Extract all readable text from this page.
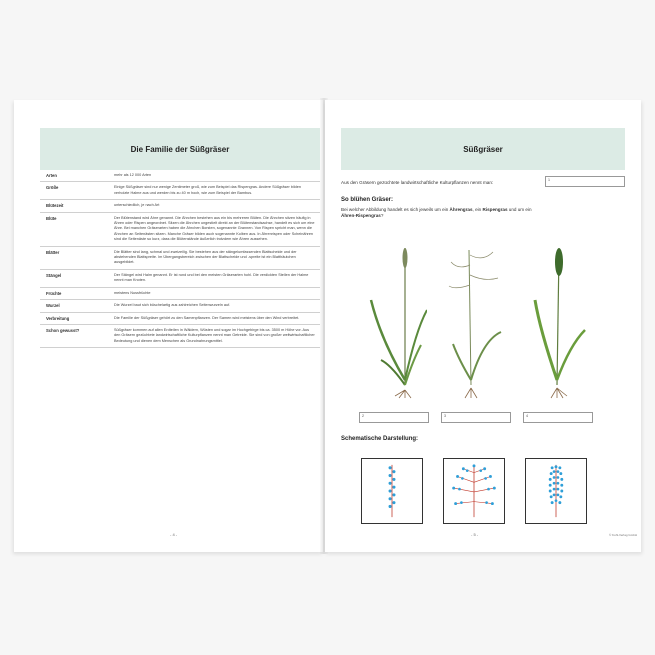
Die Familie der Süßgräser
Arten	mehr als 12 000 Arten
Größe	Einige Süßgräser sind nur wenige Zentimeter groß, wie zum Beispiel das Rispengras. Andere Süßgräser bilden verholzte Halme aus und werden bis zu 40 m hoch, wie zum Beispiel der Bambus.
Blütezeit	unterschiedlich, je nach Art
Blüte	Der Blütenstand wird Ähre genannt. Die Ährchen bestehen aus ein bis mehreren Blüten. Die Ährchen sitzen häufig in Ähren oder Rispen angeordnet. Sitzen die Ährchen ungestielt direkt an der Blütenstandsachse, handelt es sich um eine Ähre. Bei manchen Gräserarten haben die Ährchen Borsten, sogenannte Grannen. Von Rispen spricht man, wenn die Ährchen an Seitenästen sitzen. Manche Gräser bilden auch sogenannte Kolben aus. In Ährenrispen oder Scheinähren sind die Seitenäste so kurz, dass die Blütenstände äußerlich trotzdem wie Ähren aussehen.
Blätter	Die Blätter sind lang, schmal und zweizeilig. Sie bestehen aus der stängelumfassenden Blattscheide und der abstehenden Blattspreite. Im Übergangsbereich zwischen der Blattscheide und -spreite ist ein Blatthäutchen ausgebildet.
Stängel	Der Stängel wird Halm genannt. Er ist rund und bei den meisten Gräserarten hohl. Die verdickten Stellen der Halme nennt man Knoten.
Früchte	meistens Nussfrüchte
Wurzel	Die Wurzel baut sich büschelartig aus zahlreichen Seitenwurzeln auf.
Verbreitung	Die Familie der Süßgräser gehört zu den Samenpflanzen. Der Samen wird meistens über den Wind verbreitet.
Schon gewusst?	Süßgräser kommen auf allen Erdteilen in Wäldern, Wüsten und sogar im Hochgebirge bis ca. 3500 m Höhe vor. Aus den Gräsern gezüchtete landwirtschaftliche Kulturpflanzen nennt man Getreide. Sie sind von großer weltwirtschaftlicher Bedeutung und dienen dem Menschen als Grundnahrungsmittel.
- 4 -
Süßgräser
Aus den Gräsern gezüchtete landwirtschaftliche Kulturpflanzen nennt man:	1
So blühen Gräser:
Bei welcher Abbildung handelt es sich jeweils um ein Ährengras, ein Rispengras und um ein
Ähren-Rispengras?
2	3	4
Schematische Darstellung:
- 5 -	© Kohl-Verlag GmbH
